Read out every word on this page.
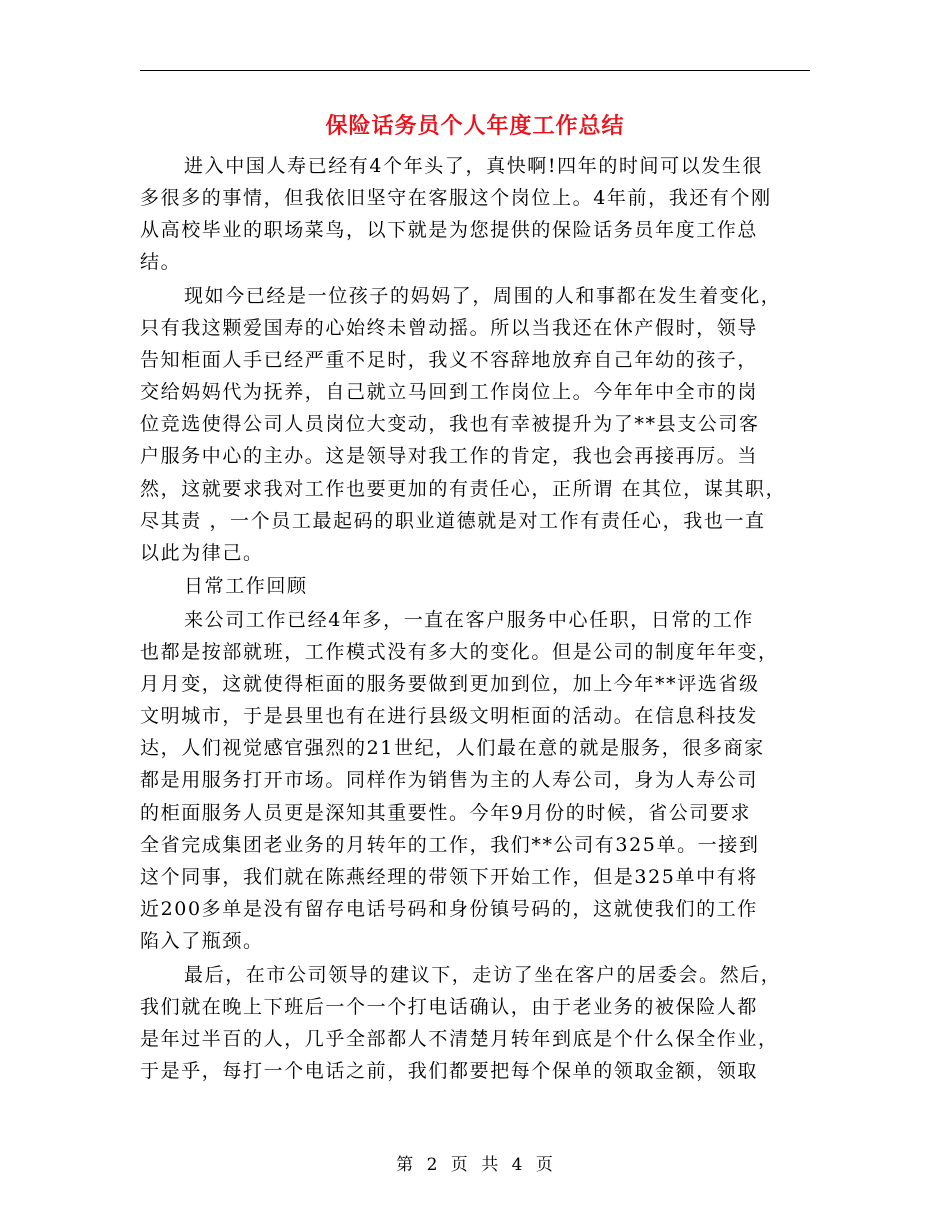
保险话务员个人年度工作总结
进入中国人寿已经有4个年头了，真快啊!四年的时间可以发生很
多很多的事情，但我依旧坚守在客服这个岗位上。4年前，我还有个刚
从高校毕业的职场菜鸟，以下就是为您提供的保险话务员年度工作总
结。
现如今已经是一位孩子的妈妈了，周围的人和事都在发生着变化，
只有我这颗爱国寿的心始终未曾动摇。所以当我还在休产假时，领导
告知柜面人手已经严重不足时，我义不容辞地放弃自己年幼的孩子，
交给妈妈代为抚养，自己就立马回到工作岗位上。今年年中全市的岗
位竞选使得公司人员岗位大变动，我也有幸被提升为了**县支公司客
户服务中心的主办。这是领导对我工作的肯定，我也会再接再厉。当
然，这就要求我对工作也要更加的有责任心，正所谓 在其位，谋其职，
尽其责 ，一个员工最起码的职业道德就是对工作有责任心，我也一直
以此为律己。
日常工作回顾
来公司工作已经4年多，一直在客户服务中心任职，日常的工作
也都是按部就班，工作模式没有多大的变化。但是公司的制度年年变，
月月变，这就使得柜面的服务要做到更加到位，加上今年**评选省级
文明城市，于是县里也有在进行县级文明柜面的活动。在信息科技发
达，人们视觉感官强烈的21世纪，人们最在意的就是服务，很多商家
都是用服务打开市场。同样作为销售为主的人寿公司，身为人寿公司
的柜面服务人员更是深知其重要性。今年9月份的时候，省公司要求
全省完成集团老业务的月转年的工作，我们**公司有325单。一接到
这个同事，我们就在陈燕经理的带领下开始工作，但是325单中有将
近200多单是没有留存电话号码和身份镇号码的，这就使我们的工作
陷入了瓶颈。
最后，在市公司领导的建议下，走访了坐在客户的居委会。然后，
我们就在晚上下班后一个一个打电话确认，由于老业务的被保险人都
是年过半百的人，几乎全部都人不清楚月转年到底是个什么保全作业，
于是乎，每打一个电话之前，我们都要把每个保单的领取金额，领取
第 2 页 共 4 页
